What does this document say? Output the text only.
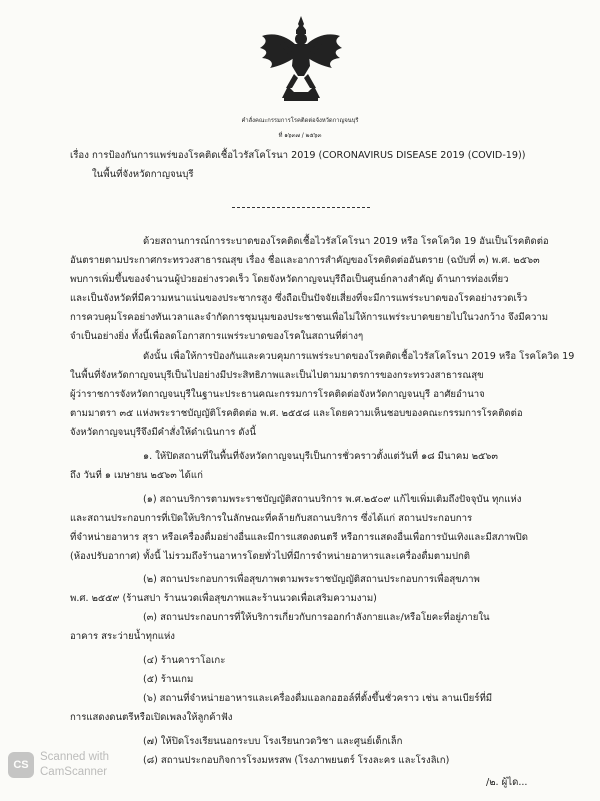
คำสั่งคณะกรรมการโรคติดต่อจังหวัดกาญจนบุรี
ที่ ๑๖๓๗ / ๒๕๖๓
เรื่อง การป้องกันการแพร่ของโรคติดเชื้อไวรัสโคโรนา 2019 (CORONAVIRUS DISEASE 2019 (COVID-19))
ในพื้นที่จังหวัดกาญจนบุรี
ด้วยสถานการณ์การระบาดของโรคติดเชื้อไวรัสโคโรนา 2019 หรือ โรคโควิด 19 อันเป็นโรคติดต่อ
อันตรายตามประกาศกระทรวงสาธารณสุข เรื่อง ชื่อและอาการสำคัญของโรคติดต่ออันตราย (ฉบับที่ ๓) พ.ศ. ๒๕๖๓
พบการเพิ่มขึ้นของจำนวนผู้ป่วยอย่างรวดเร็ว โดยจังหวัดกาญจนบุรีถือเป็นศูนย์กลางสำคัญ ด้านการท่องเที่ยว
และเป็นจังหวัดที่มีความหนาแน่นของประชากรสูง ซึ่งถือเป็นปัจจัยเสี่ยงที่จะมีการแพร่ระบาดของโรคอย่างรวดเร็ว
การควบคุมโรคอย่างทันเวลาและจำกัดการชุมนุมของประชาชนเพื่อไม่ให้การแพร่ระบาดขยายไปในวงกว้าง จึงมีความ
จำเป็นอย่างยิ่ง ทั้งนี้เพื่อลดโอกาสการแพร่ระบาดของโรคในสถานที่ต่างๆ
ดังนั้น เพื่อให้การป้องกันและควบคุมการแพร่ระบาดของโรคติดเชื้อไวรัสโคโรนา 2019 หรือ โรคโควิด 19
ในพื้นที่จังหวัดกาญจนบุรีเป็นไปอย่างมีประสิทธิภาพและเป็นไปตามมาตรการของกระทรวงสาธารณสุข
ผู้ว่าราชการจังหวัดกาญจนบุรีในฐานะประธานคณะกรรมการโรคติดต่อจังหวัดกาญจนบุรี อาศัยอำนาจ
ตามมาตรา ๓๕ แห่งพระราชบัญญัติโรคติดต่อ พ.ศ. ๒๕๕๘ และโดยความเห็นชอบของคณะกรรมการโรคติดต่อ
จังหวัดกาญจนบุรีจึงมีคำสั่งให้ดำเนินการ ดังนี้
๑. ให้ปิดสถานที่ในพื้นที่จังหวัดกาญจนบุรีเป็นการชั่วคราวตั้งแต่วันที่ ๑๘ มีนาคม ๒๕๖๓
ถึง วันที่ ๑ เมษายน ๒๕๖๓ ได้แก่
(๑) สถานบริการตามพระราชบัญญัติสถานบริการ พ.ศ.๒๕๐๙ แก้ไขเพิ่มเติมถึงปัจจุบัน ทุกแห่ง
และสถานประกอบการที่เปิดให้บริการในลักษณะที่คล้ายกับสถานบริการ ซึ่งได้แก่ สถานประกอบการ
ที่จำหน่ายอาหาร สุรา หรือเครื่องดื่มอย่างอื่นและมีการแสดงดนตรี หรือการแสดงอื่นเพื่อการบันเทิงและมีสภาพปิด
(ห้องปรับอากาศ) ทั้งนี้ ไม่รวมถึงร้านอาหารโดยทั่วไปที่มีการจำหน่ายอาหารและเครื่องดื่มตามปกติ
(๒) สถานประกอบการเพื่อสุขภาพตามพระราชบัญญัติสถานประกอบการเพื่อสุขภาพ
พ.ศ. ๒๕๕๙ (ร้านสปา ร้านนวดเพื่อสุขภาพและร้านนวดเพื่อเสริมความงาม)
(๓) สถานประกอบการที่ให้บริการเกี่ยวกับการออกกำลังกายและ/หรือโยคะที่อยู่ภายใน
อาคาร สระว่ายน้ำทุกแห่ง
(๔) ร้านคาราโอเกะ
(๕) ร้านเกม
(๖) สถานที่จำหน่ายอาหารและเครื่องดื่มแอลกอฮอล์ที่ตั้งขึ้นชั่วคราว เช่น ลานเบียร์ที่มี
การแสดงดนตรีหรือเปิดเพลงให้ลูกค้าฟัง
(๗) ให้ปิดโรงเรียนนอกระบบ โรงเรียนกวดวิชา และศูนย์เด็กเล็ก
(๘) สถานประกอบกิจการโรงมหรสพ (โรงภาพยนตร์ โรงละคร และโรงลิเก)
/๒. ผู้ได...
CS
Scanned with
CamScanner
